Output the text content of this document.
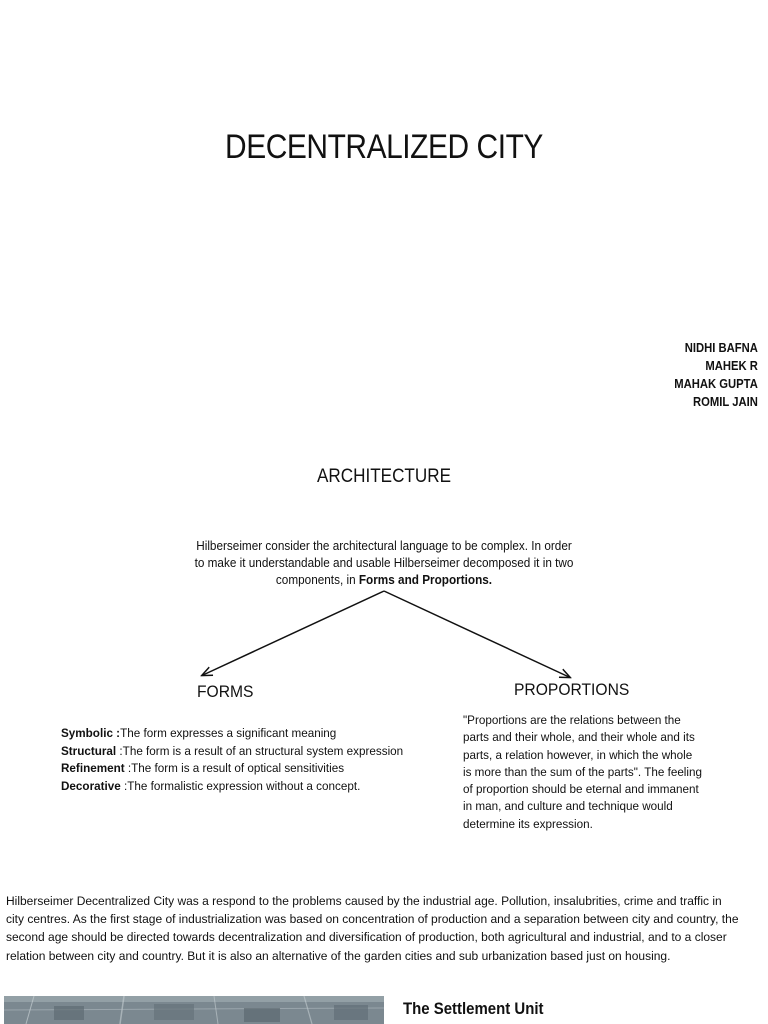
DECENTRALIZED CITY
NIDHI BAFNA
MAHEK R
MAHAK GUPTA
ROMIL JAIN
ARCHITECTURE
Hilberseimer consider the architectural language to be complex. In order to make it understandable and usable Hilberseimer decomposed it in two components, in Forms and Proportions.
FORMS	PROPORTIONS
Symbolic :The form expresses a significant meaning
Structural :The form is a result of an structural system expression
Refinement :The form is a result of optical sensitivities
Decorative :The formalistic expression without a concept.
"Proportions are the relations between the parts and their whole, and their whole and its parts, a relation however, in which the whole is more than the sum of the parts". The feeling of proportion should be eternal and immanent in man, and culture and technique would determine its expression.
Hilberseimer Decentralized City was a respond to the problems caused by the industrial age. Pollution, insalubrities, crime and traffic in city centres. As the first stage of industrialization was based on concentration of production and a separation between city and country, the second age should be directed towards decentralization and diversification of production, both agricultural and industrial, and to a closer relation between city and country. But it is also an alternative of the garden cities and sub urbanization based just on housing.
The Settlement Unit
